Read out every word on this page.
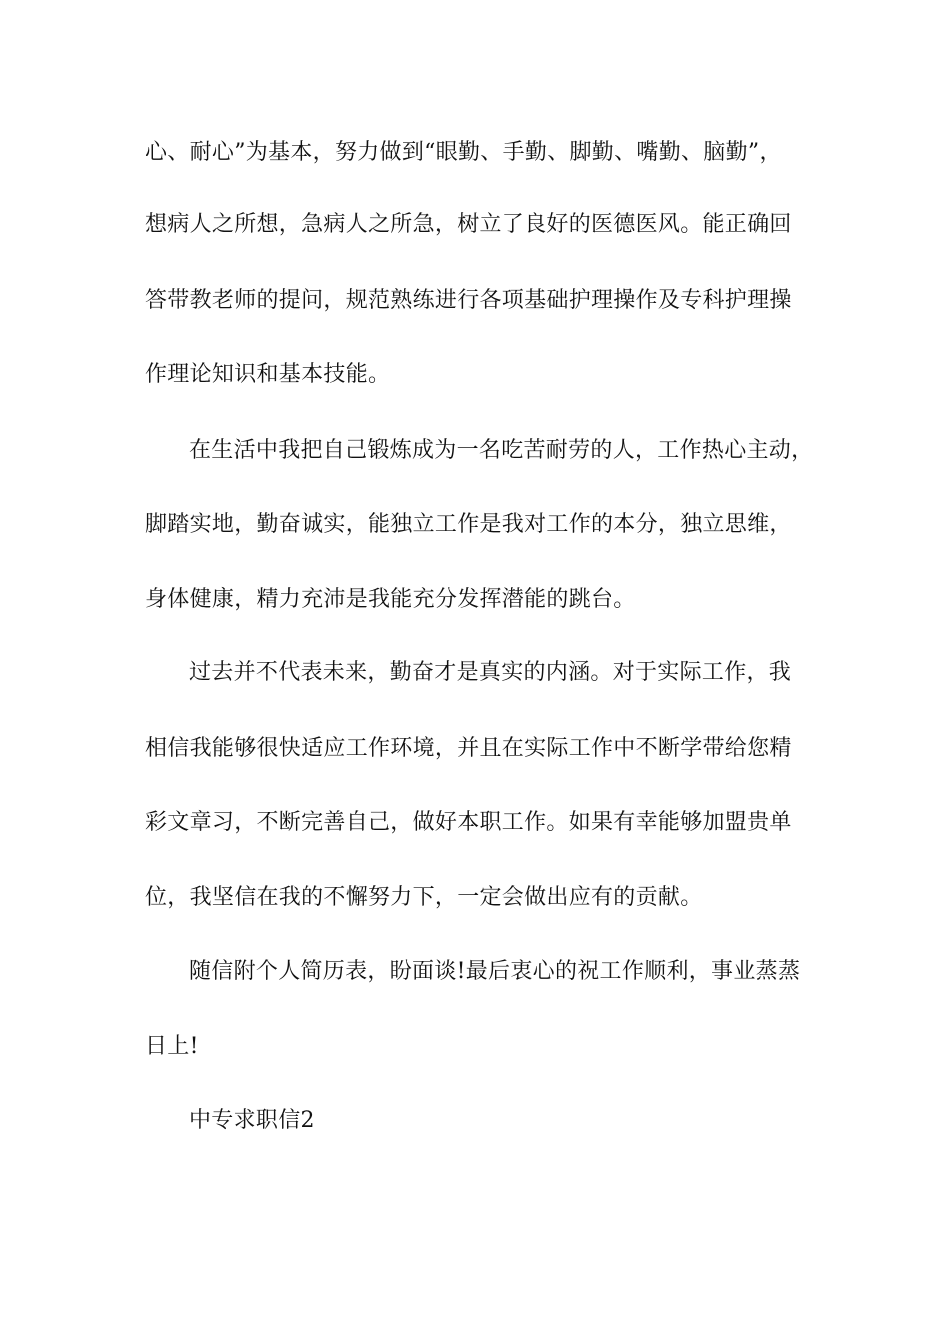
心、耐心”为基本，努力做到“眼勤、手勤、脚勤、嘴勤、脑勤”，
想病人之所想，急病人之所急，树立了良好的医德医风。能正确回
答带教老师的提问，规范熟练进行各项基础护理操作及专科护理操
作理论知识和基本技能。
在生活中我把自己锻炼成为一名吃苦耐劳的人，工作热心主动，
脚踏实地，勤奋诚实，能独立工作是我对工作的本分，独立思维，
身体健康，精力充沛是我能充分发挥潜能的跳台。
过去并不代表未来，勤奋才是真实的内涵。对于实际工作，我
相信我能够很快适应工作环境，并且在实际工作中不断学带给您精
彩文章习，不断完善自己，做好本职工作。如果有幸能够加盟贵单
位，我坚信在我的不懈努力下，一定会做出应有的贡献。
随信附个人简历表，盼面谈!最后衷心的祝工作顺利，事业蒸蒸
日上!
中专求职信2
